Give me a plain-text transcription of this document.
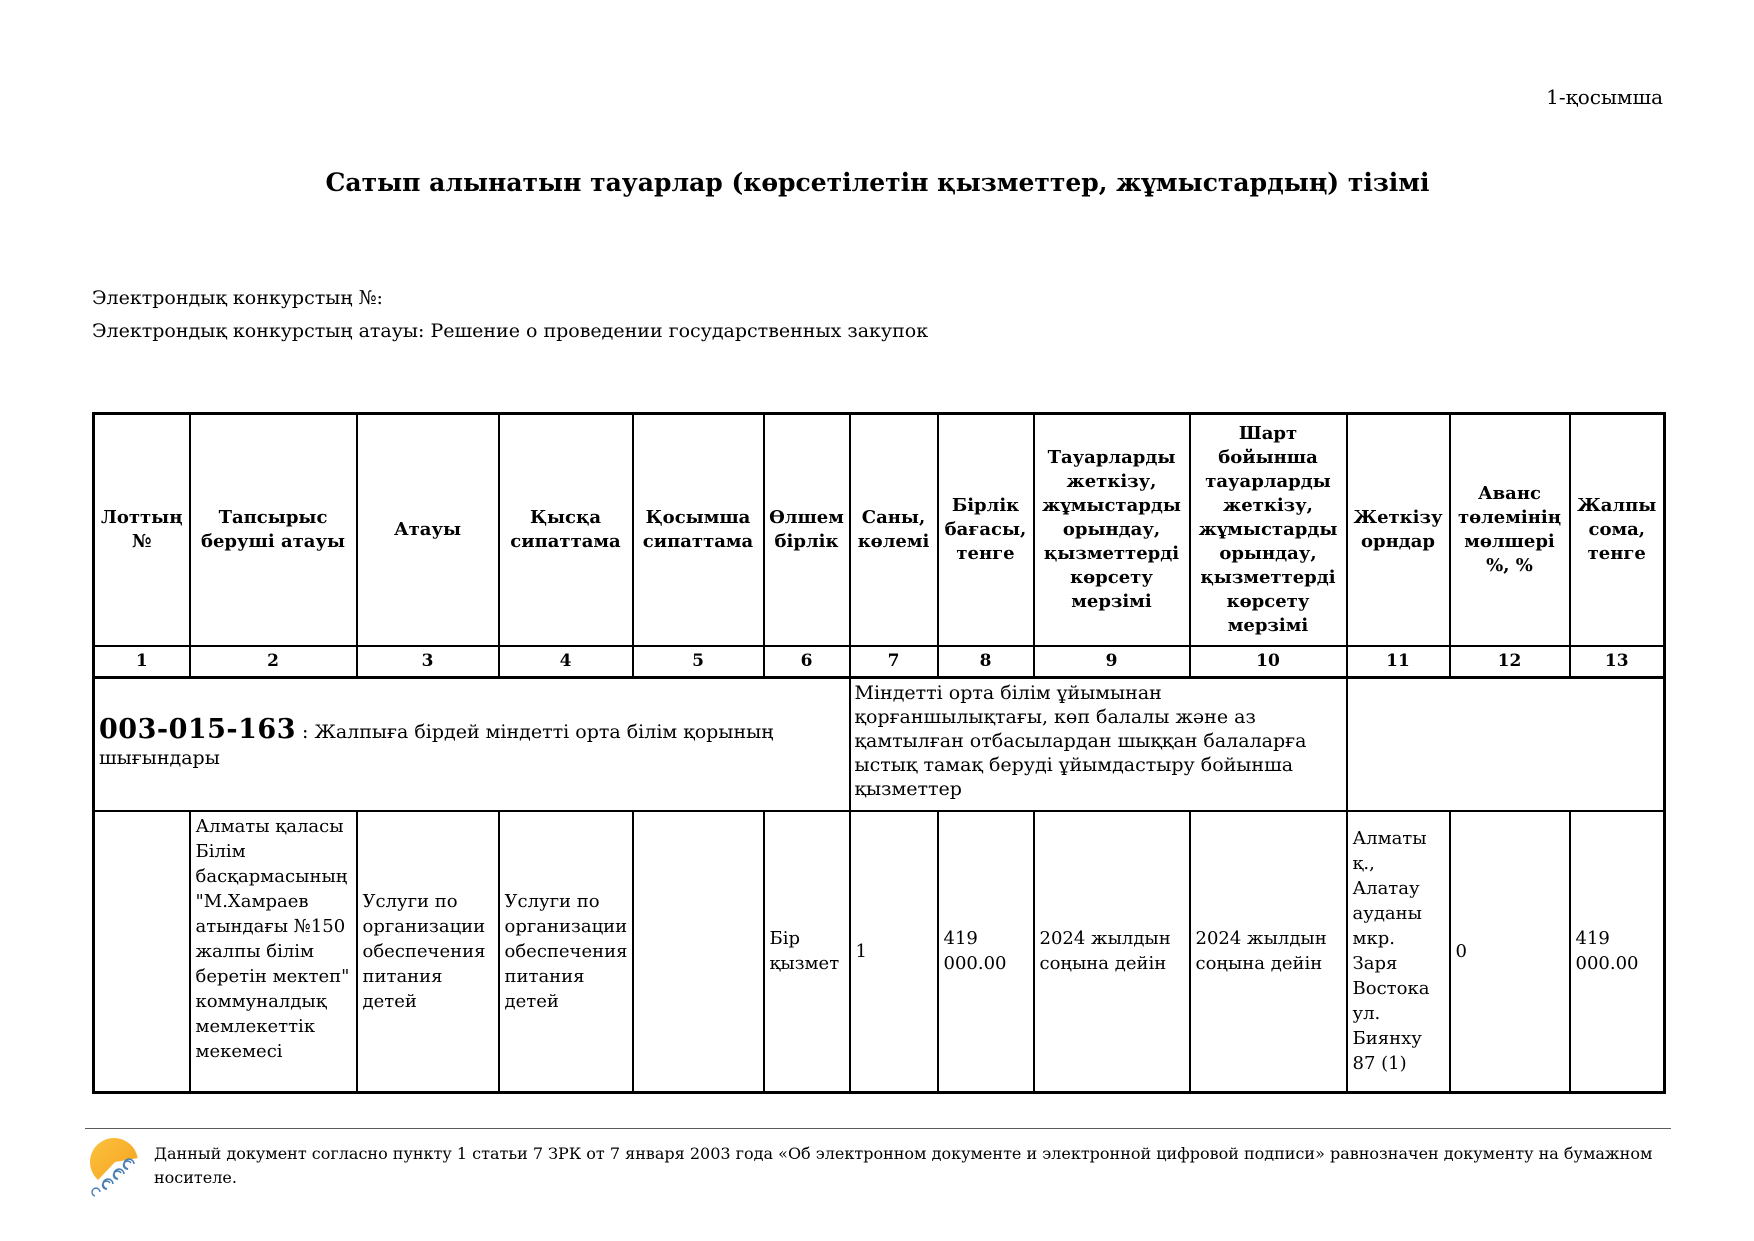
1-қосымша
Сатып алынатын тауарлар (көрсетілетін қызметтер, жұмыстардың) тізімі
Электрондық конкурстың №:
Электрондық конкурстың атауы: Решение о проведении государственных закупок
Лоттың №	Тапсырыс беруші атауы	Атауы	Қысқа сипаттама	Қосымша сипаттама	Өлшем бірлік	Саны, көлемі	Бірлік бағасы, тенге	Тауарларды жеткізу, жұмыстарды орындау, қызметтерді көрсету мерзімі	Шарт бойынша тауарларды жеткізу, жұмыстарды орындау, қызметтерді көрсету мерзімі	Жеткізу орндар	Аванс төлемінің мөлшері %, %	Жалпы сома, тенге
1	2	3	4	5	6	7	8	9	10	11	12	13
003-015-163 : Жалпыға бірдей міндетті орта білім қорының шығындары						Міндетті орта білім ұйымынан қорғаншылықтағы, көп балалы және аз қамтылған отбасылардан шыққан балаларға ыстық тамақ беруді ұйымдастыру бойынша қызметтер						
	Алматы қаласы Білім басқармасының "М.Хамраев атындағы №150 жалпы білім беретін мектеп" коммуналдық мемлекеттік мекемесі	Услуги по организации обеспечения питания детей	Услуги по организации обеспечения питания детей		Бір қызмет	1	419 000.00	2024 жылдын соңына дейін	2024 жылдын соңына дейін	Алматы қ., Алатау ауданы мкр. Заря Востока ул. Биянху 87 (1)	0	419 000.00
Данный документ согласно пункту 1 статьи 7 ЗРК от 7 января 2003 года «Об электронном документе и электронной цифровой подписи» равнозначен документу на бумажном носителе.
